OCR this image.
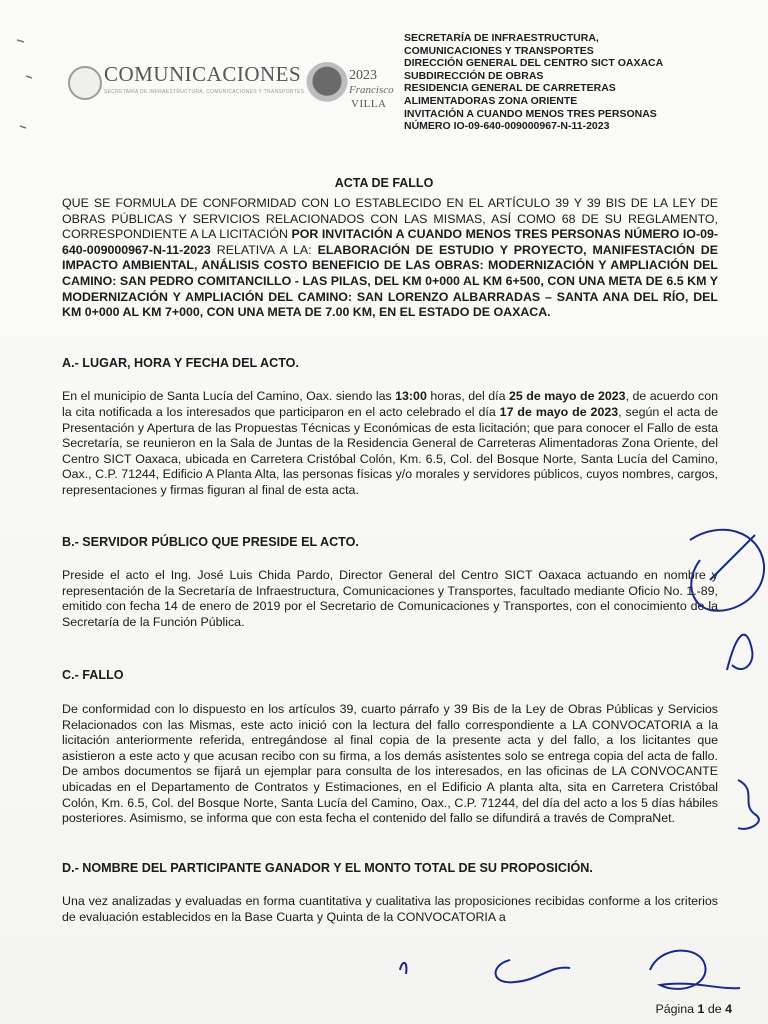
COMUNICACIONES
SECRETARÍA DE INFRAESTRUCTURA, COMUNICACIONES Y TRANSPORTES
2023
Francisco
VILLA
SECRETARÍA DE INFRAESTRUCTURA,
COMUNICACIONES Y TRANSPORTES
DIRECCIÓN GENERAL DEL CENTRO SICT OAXACA
SUBDIRECCIÓN DE OBRAS
RESIDENCIA GENERAL DE CARRETERAS
ALIMENTADORAS ZONA ORIENTE
INVITACIÓN A CUANDO MENOS TRES PERSONAS
NÚMERO IO-09-640-009000967-N-11-2023
ACTA DE FALLO

QUE SE FORMULA DE CONFORMIDAD CON LO ESTABLECIDO EN EL ARTÍCULO 39 Y 39 BIS DE LA LEY DE OBRAS PÚBLICAS Y SERVICIOS RELACIONADOS CON LAS MISMAS, ASÍ COMO 68 DE SU REGLAMENTO, CORRESPONDIENTE A LA LICITACIÓN POR INVITACIÓN A CUANDO MENOS TRES PERSONAS NÚMERO IO-09-640-009000967-N-11-2023 RELATIVA A LA: ELABORACIÓN DE ESTUDIO Y PROYECTO, MANIFESTACIÓN DE IMPACTO AMBIENTAL, ANÁLISIS COSTO BENEFICIO DE LAS OBRAS: MODERNIZACIÓN Y AMPLIACIÓN DEL CAMINO: SAN PEDRO COMITANCILLO - LAS PILAS, DEL KM 0+000 AL KM 6+500, CON UNA META DE 6.5 KM Y MODERNIZACIÓN Y AMPLIACIÓN DEL CAMINO: SAN LORENZO ALBARRADAS – SANTA ANA DEL RÍO, DEL KM 0+000 AL KM 7+000, CON UNA META DE 7.00 KM, EN EL ESTADO DE OAXACA.

A.- LUGAR, HORA Y FECHA DEL ACTO.

En el municipio de Santa Lucía del Camino, Oax. siendo las 13:00 horas, del día 25 de mayo de 2023, de acuerdo con la cita notificada a los interesados que participaron en el acto celebrado el día 17 de mayo de 2023, según el acta de Presentación y Apertura de las Propuestas Técnicas y Económicas de esta licitación; que para conocer el Fallo de esta Secretaría, se reunieron en la Sala de Juntas de la Residencia General de Carreteras Alimentadoras Zona Oriente, del Centro SICT Oaxaca, ubicada en Carretera Cristóbal Colón, Km. 6.5, Col. del Bosque Norte, Santa Lucía del Camino, Oax., C.P. 71244, Edificio A Planta Alta, las personas físicas y/o morales y servidores públicos, cuyos nombres, cargos, representaciones y firmas figuran al final de esta acta.

B.- SERVIDOR PÚBLICO QUE PRESIDE EL ACTO.

Preside el acto el Ing. José Luis Chida Pardo, Director General del Centro SICT Oaxaca actuando en nombre y representación de la Secretaría de Infraestructura, Comunicaciones y Transportes, facultado mediante Oficio No. 1.-89, emitido con fecha 14 de enero de 2019 por el Secretario de Comunicaciones y Transportes, con el conocimiento de la Secretaría de la Función Pública.

C.- FALLO

De conformidad con lo dispuesto en los artículos 39, cuarto párrafo y 39 Bis de la Ley de Obras Públicas y Servicios Relacionados con las Mismas, este acto inició con la lectura del fallo correspondiente a LA CONVOCATORIA a la licitación anteriormente referida, entregándose al final copia de la presente acta y del fallo, a los licitantes que asistieron a este acto y que acusan recibo con su firma, a los demás asistentes solo se entrega copia del acta de fallo. De ambos documentos se fijará un ejemplar para consulta de los interesados, en las oficinas de LA CONVOCANTE ubicadas en el Departamento de Contratos y Estimaciones, en el Edificio A planta alta, sita en Carretera Cristóbal Colón, Km. 6.5, Col. del Bosque Norte, Santa Lucía del Camino, Oax., C.P. 71244, del día del acto a los 5 días hábiles posteriores. Asimismo, se informa que con esta fecha el contenido del fallo se difundirá a través de CompraNet.

D.- NOMBRE DEL PARTICIPANTE GANADOR Y EL MONTO TOTAL DE SU PROPOSICIÓN.

Una vez analizadas y evaluadas en forma cuantitativa y cualitativa las proposiciones recibidas conforme a los criterios de evaluación establecidos en la Base Cuarta y Quinta de la CONVOCATORIA a

Página 1 de 4
